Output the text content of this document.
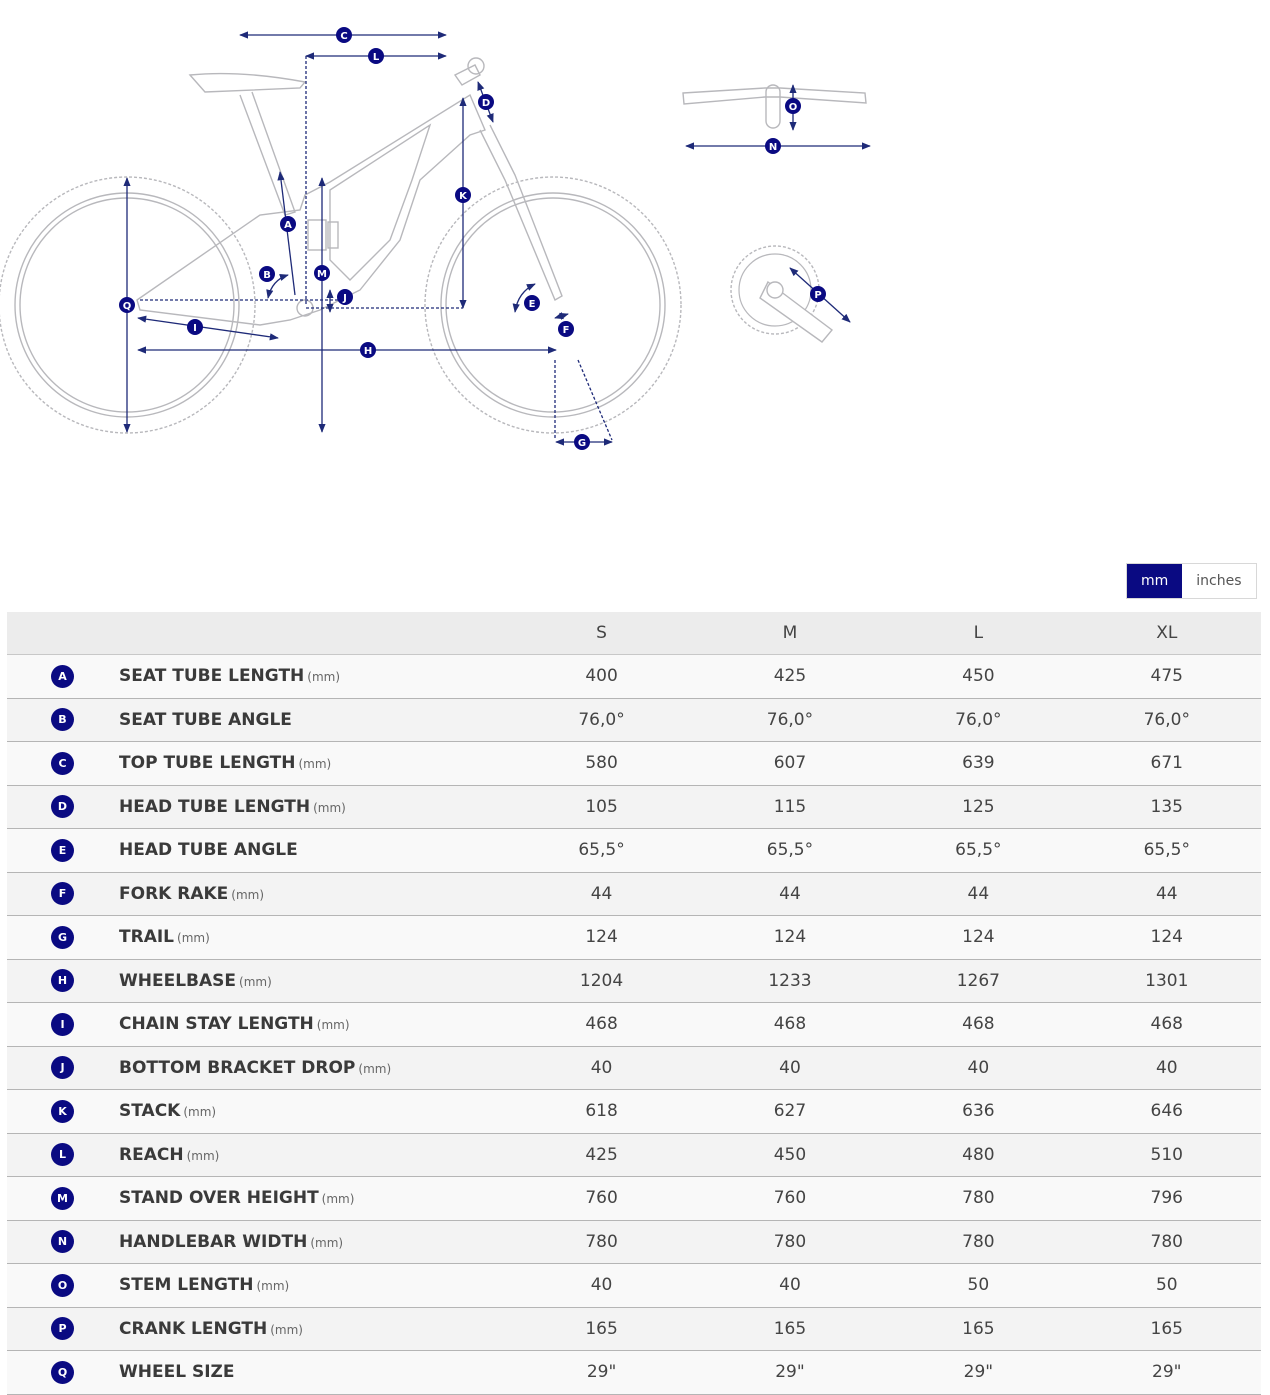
C
L
D
K
A
B	M
J
Q
I
H
E
F
G
O
N
P
mm	inches
		S	M	L	XL
A	SEAT TUBE LENGTH (mm)	400	425	450	475
B	SEAT TUBE ANGLE	76,0°	76,0°	76,0°	76,0°
C	TOP TUBE LENGTH (mm)	580	607	639	671
D	HEAD TUBE LENGTH (mm)	105	115	125	135
E	HEAD TUBE ANGLE	65,5°	65,5°	65,5°	65,5°
F	FORK RAKE (mm)	44	44	44	44
G	TRAIL (mm)	124	124	124	124
H	WHEELBASE (mm)	1204	1233	1267	1301
I	CHAIN STAY LENGTH (mm)	468	468	468	468
J	BOTTOM BRACKET DROP (mm)	40	40	40	40
K	STACK (mm)	618	627	636	646
L	REACH (mm)	425	450	480	510
M	STAND OVER HEIGHT (mm)	760	760	780	796
N	HANDLEBAR WIDTH (mm)	780	780	780	780
O	STEM LENGTH (mm)	40	40	50	50
P	CRANK LENGTH (mm)	165	165	165	165
Q	WHEEL SIZE	29"	29"	29"	29"
